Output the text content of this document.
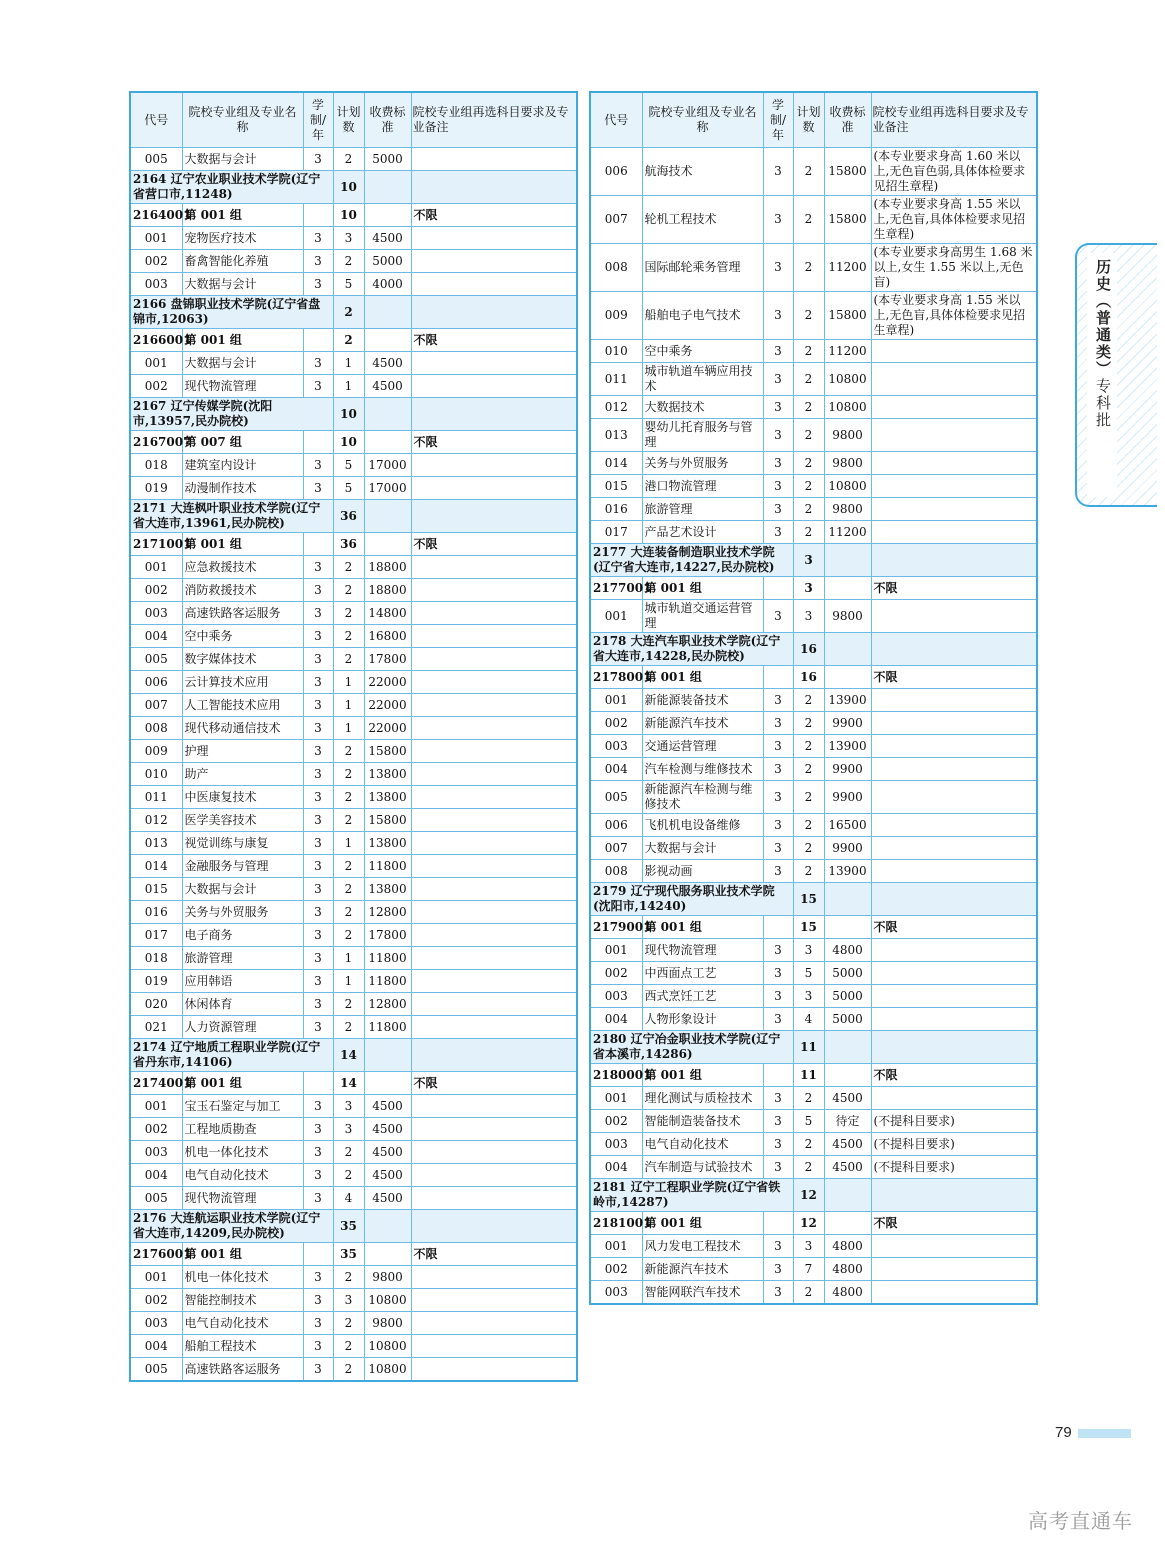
代号	院校专业组及专业名称	学制/年	计划数	收费标准	院校专业组再选科目要求及专业备注
005	大数据与会计	3	2	5000	
2164 辽宁农业职业技术学院(辽宁省营口市,11248)			10		
2164001	第 001 组		10		不限
001	宠物医疗技术	3	3	4500	
002	畜禽智能化养殖	3	2	5000	
003	大数据与会计	3	5	4000	
2166 盘锦职业技术学院(辽宁省盘锦市,12063)			2		
2166001	第 001 组		2		不限
001	大数据与会计	3	1	4500	
002	现代物流管理	3	1	4500	
2167 辽宁传媒学院(沈阳市,13957,民办院校)			10		
2167007	第 007 组		10		不限
018	建筑室内设计	3	5	17000	
019	动漫制作技术	3	5	17000	
2171 大连枫叶职业技术学院(辽宁省大连市,13961,民办院校)			36		
2171001	第 001 组		36		不限
001	应急救援技术	3	2	18800	
002	消防救援技术	3	2	18800	
003	高速铁路客运服务	3	2	14800	
004	空中乘务	3	2	16800	
005	数字媒体技术	3	2	17800	
006	云计算技术应用	3	1	22000	
007	人工智能技术应用	3	1	22000	
008	现代移动通信技术	3	1	22000	
009	护理	3	2	15800	
010	助产	3	2	13800	
011	中医康复技术	3	2	13800	
012	医学美容技术	3	2	15800	
013	视觉训练与康复	3	1	13800	
014	金融服务与管理	3	2	11800	
015	大数据与会计	3	2	13800	
016	关务与外贸服务	3	2	12800	
017	电子商务	3	2	17800	
018	旅游管理	3	1	11800	
019	应用韩语	3	1	11800	
020	休闲体育	3	2	12800	
021	人力资源管理	3	2	11800	
2174 辽宁地质工程职业学院(辽宁省丹东市,14106)			14		
2174001	第 001 组		14		不限
001	宝玉石鉴定与加工	3	3	4500	
002	工程地质勘查	3	3	4500	
003	机电一体化技术	3	2	4500	
004	电气自动化技术	3	2	4500	
005	现代物流管理	3	4	4500	
2176 大连航运职业技术学院(辽宁省大连市,14209,民办院校)			35		
2176001	第 001 组		35		不限
001	机电一体化技术	3	2	9800	
002	智能控制技术	3	3	10800	
003	电气自动化技术	3	2	9800	
004	船舶工程技术	3	2	10800	
005	高速铁路客运服务	3	2	10800	
代号	院校专业组及专业名称	学制/年	计划数	收费标准	院校专业组再选科目要求及专业备注
006	航海技术	3	2	15800	(本专业要求身高 1.60 米以上,无色盲色弱,具体体检要求见招生章程)
007	轮机工程技术	3	2	15800	(本专业要求身高 1.55 米以上,无色盲,具体体检要求见招生章程)
008	国际邮轮乘务管理	3	2	11200	(本专业要求身高男生 1.68 米以上,女生 1.55 米以上,无色盲)
009	船舶电子电气技术	3	2	15800	(本专业要求身高 1.55 米以上,无色盲,具体体检要求见招生章程)
010	空中乘务	3	2	11200	
011	城市轨道车辆应用技术	3	2	10800	
012	大数据技术	3	2	10800	
013	婴幼儿托育服务与管理	3	2	9800	
014	关务与外贸服务	3	2	9800	
015	港口物流管理	3	2	10800	
016	旅游管理	3	2	9800	
017	产品艺术设计	3	2	11200	
2177 大连装备制造职业技术学院(辽宁省大连市,14227,民办院校)			3		
2177001	第 001 组		3		不限
001	城市轨道交通运营管理	3	3	9800	
2178 大连汽车职业技术学院(辽宁省大连市,14228,民办院校)			16		
2178001	第 001 组		16		不限
001	新能源装备技术	3	2	13900	
002	新能源汽车技术	3	2	9900	
003	交通运营管理	3	2	13900	
004	汽车检测与维修技术	3	2	9900	
005	新能源汽车检测与维修技术	3	2	9900	
006	飞机机电设备维修	3	2	16500	
007	大数据与会计	3	2	9900	
008	影视动画	3	2	13900	
2179 辽宁现代服务职业技术学院(沈阳市,14240)			15		
2179001	第 001 组		15		不限
001	现代物流管理	3	3	4800	
002	中西面点工艺	3	5	5000	
003	西式烹饪工艺	3	3	5000	
004	人物形象设计	3	4	5000	
2180 辽宁冶金职业技术学院(辽宁省本溪市,14286)			11		
2180001	第 001 组		11		不限
001	理化测试与质检技术	3	2	4500	
002	智能制造装备技术	3	5	待定	(不提科目要求)
003	电气自动化技术	3	2	4500	(不提科目要求)
004	汽车制造与试验技术	3	2	4500	(不提科目要求)
2181 辽宁工程职业学院(辽宁省铁岭市,14287)			12		
2181001	第 001 组		12		不限
001	风力发电工程技术	3	3	4800	
002	新能源汽车技术	3	7	4800	
003	智能网联汽车技术	3	2	4800	
历史（普通类）专科批
79
高考直通车
